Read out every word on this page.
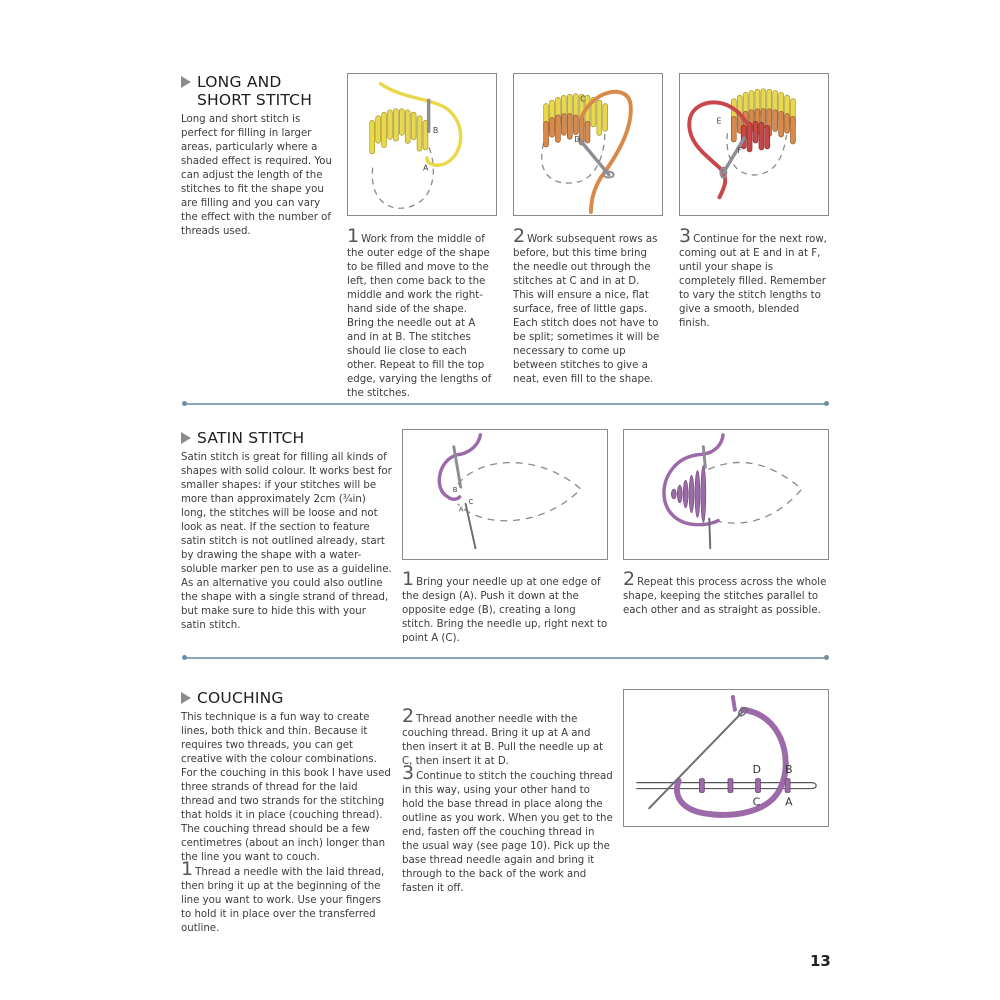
LONG AND
SHORT STITCH
Long and short stitch is perfect for filling in larger areas, particularly where a shaded effect is required. You can adjust the length of the stitches to fit the shape you are filling and you can vary the effect with the number of threads used.
B
A
C
D
E
F
1 Work from the middle of the outer edge of the shape to be filled and move to the left, then come back to the middle and work the right-hand side of the shape. Bring the needle out at A and in at B. The stitches should lie close to each other. Repeat to fill the top edge, varying the lengths of the stitches.
2 Work subsequent rows as before, but this time bring the needle out through the stitches at C and in at D. This will ensure a nice, flat surface, free of little gaps. Each stitch does not have to be split; sometimes it will be necessary to come up between stitches to give a neat, even fill to the shape.
3 Continue for the next row, coming out at E and in at F, until your shape is completely filled. Remember to vary the stitch lengths to give a smooth, blended finish.
SATIN STITCH
Satin stitch is great for filling all kinds of shapes with solid colour. It works best for smaller shapes: if your stitches will be more than approximately 2cm (¾in) long, the stitches will be loose and not look as neat. If the section to feature satin stitch is not outlined already, start by drawing the shape with a water-soluble marker pen to use as a guideline. As an alternative you could also outline the shape with a single strand of thread, but make sure to hide this with your satin stitch.
B
A
C
1 Bring your needle up at one edge of the design (A). Push it down at the opposite edge (B), creating a long stitch. Bring the needle up, right next to point A (C).
2 Repeat this process across the whole shape, keeping the stitches parallel to each other and as straight as possible.
COUCHING
This technique is a fun way to create lines, both thick and thin. Because it requires two threads, you can get creative with the colour combinations. For the couching in this book I have used three strands of thread for the laid thread and two strands for the stitching that holds it in place (couching thread). The couching thread should be a few centimetres (about an inch) longer than the line you want to couch.
1 Thread a needle with the laid thread, then bring it up at the beginning of the line you want to work. Use your fingers to hold it in place over the transferred outline.
2 Thread another needle with the couching thread. Bring it up at A and then insert it at B. Pull the needle up at C, then insert it at D.
3 Continue to stitch the couching thread in this way, using your other hand to hold the base thread in place along the outline as you work. When you get to the end, fasten off the couching thread in the usual way (see page 10). Pick up the base thread needle again and bring it through to the back of the work and fasten it off.
D B
C A
13
